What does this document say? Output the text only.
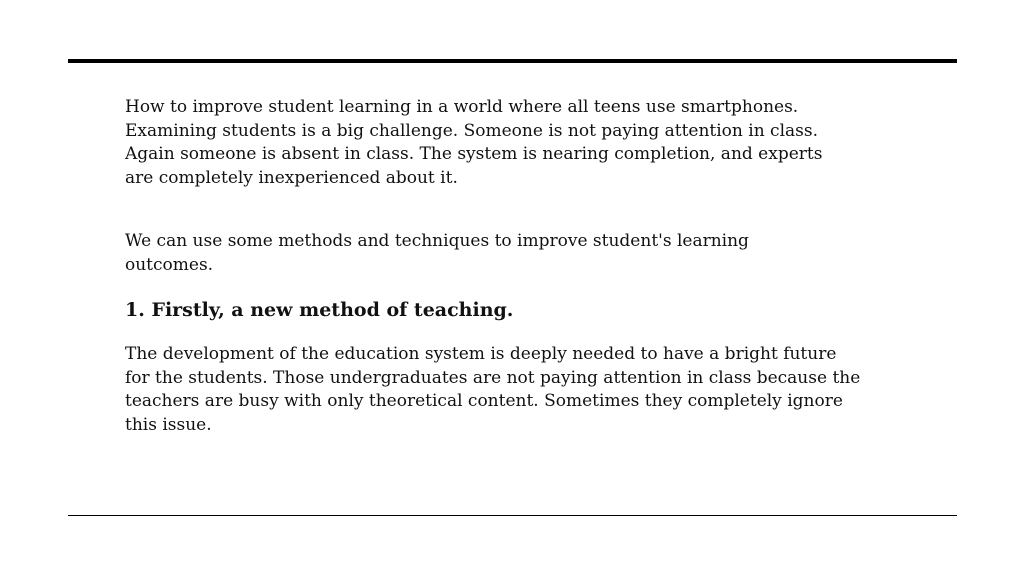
How to improve student learning in a world where all teens use smartphones. Examining students is a big challenge. Someone is not paying attention in class. Again someone is absent in class. The system is nearing completion, and experts are completely inexperienced about it.

We can use some methods and techniques to improve student's learning outcomes.

1. Firstly, a new method of teaching.

The development of the education system is deeply needed to have a bright future for the students. Those undergraduates are not paying attention in class because the teachers are busy with only theoretical content. Sometimes they completely ignore this issue.
